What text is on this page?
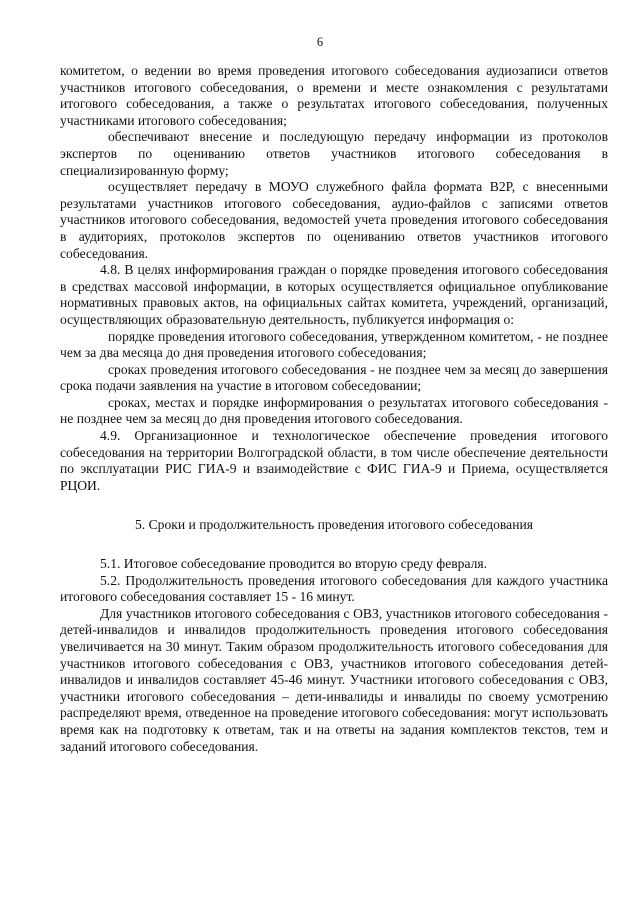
6

комитетом, о ведении во время проведения итогового собеседования аудиозаписи ответов участников итогового собеседования, о времени и месте ознакомления с результатами итогового собеседования, а также о результатах итогового собеседования, полученных участниками итогового собеседования;

обеспечивают внесение и последующую передачу информации из протоколов экспертов по оцениванию ответов участников итогового собеседования в специализированную форму;

осуществляет передачу в МОУО служебного файла формата B2P, с внесенными результатами участников итогового собеседования, аудио-файлов с записями ответов участников итогового собеседования, ведомостей учета проведения итогового собеседования в аудиториях, протоколов экспертов по оцениванию ответов участников итогового собеседования.

4.8. В целях информирования граждан о порядке проведения итогового собеседования в средствах массовой информации, в которых осуществляется официальное опубликование нормативных правовых актов, на официальных сайтах комитета, учреждений, организаций, осуществляющих образовательную деятельность, публикуется информация о:

порядке проведения итогового собеседования, утвержденном комитетом, - не позднее чем за два месяца до дня проведения итогового собеседования;

сроках проведения итогового собеседования - не позднее чем за месяц до завершения срока подачи заявления на участие в итоговом собеседовании;

сроках, местах и порядке информирования о результатах итогового собеседования - не позднее чем за месяц до дня проведения итогового собеседования.

4.9. Организационное и технологическое обеспечение проведения итогового собеседования на территории Волгоградской области, в том числе обеспечение деятельности по эксплуатации РИС ГИА-9 и взаимодействие с ФИС ГИА-9 и Приема, осуществляется РЦОИ.

5. Сроки и продолжительность проведения итогового собеседования

5.1. Итоговое собеседование проводится во вторую среду февраля.

5.2. Продолжительность проведения итогового собеседования для каждого участника итогового собеседования составляет 15 - 16 минут.

Для участников итогового собеседования с ОВЗ, участников итогового собеседования - детей-инвалидов и инвалидов продолжительность проведения итогового собеседования увеличивается на 30 минут. Таким образом продолжительность итогового собеседования для участников итогового собеседования с ОВЗ, участников итогового собеседования детей-инвалидов и инвалидов составляет 45-46 минут. Участники итогового собеседования с ОВЗ, участники итогового собеседования – дети-инвалиды и инвалиды по своему усмотрению распределяют время, отведенное на проведение итогового собеседования: могут использовать время как на подготовку к ответам, так и на ответы на задания комплектов текстов, тем и заданий итогового собеседования.
